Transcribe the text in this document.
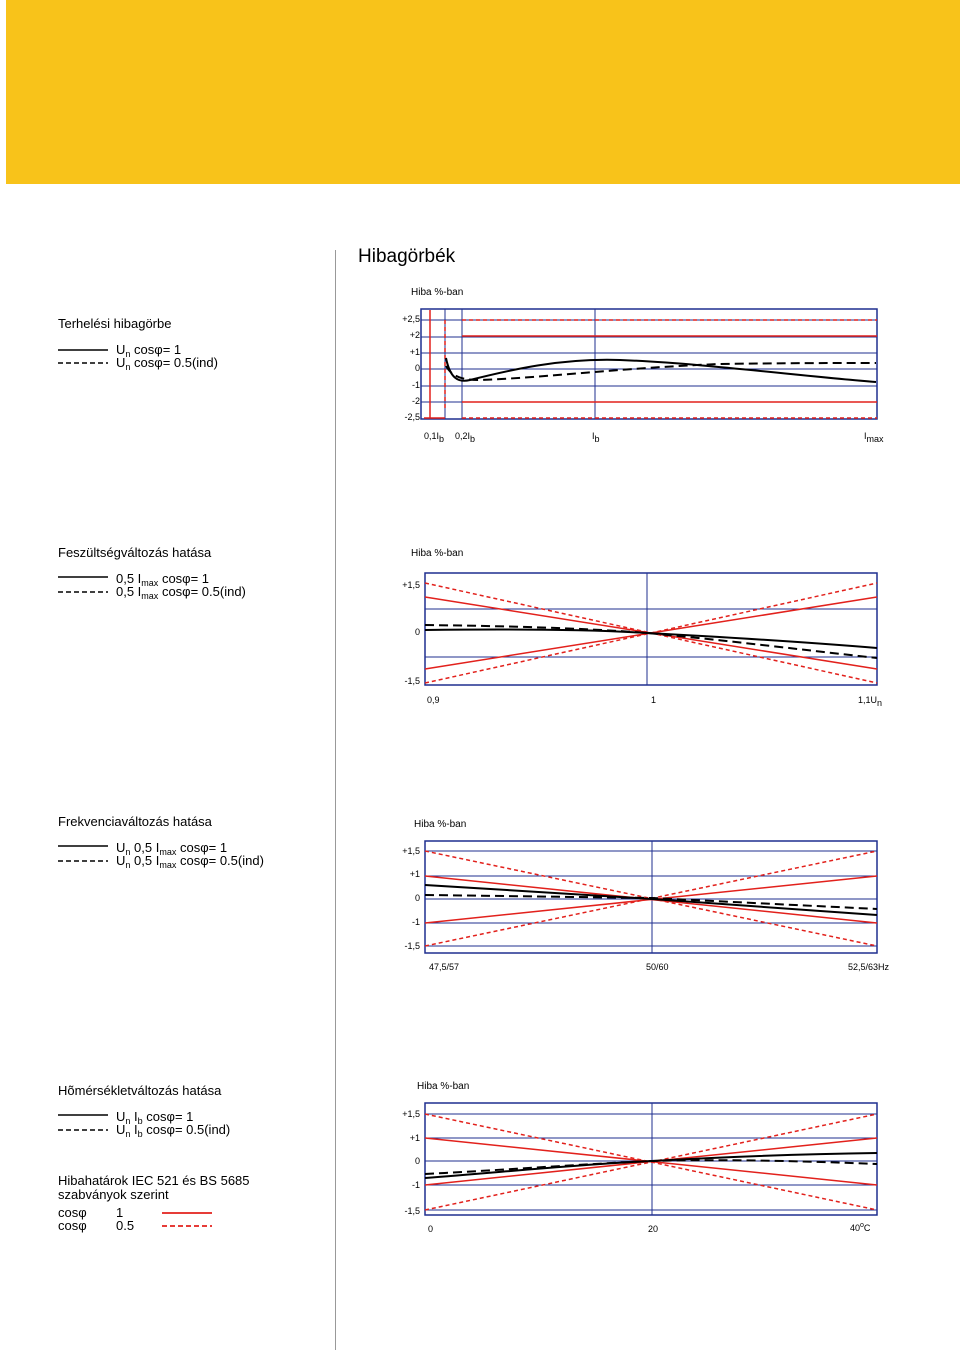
Hibagörbék
Terhelési hibagörbe
$U_n$ cosφ= 1
$U_n$ cosφ= 0.5(ind)
Hiba %-ban
+2,5
+2
+1
0
-1
-2
-2,5
$0,1I_b$ $0,2I_b$	$I_b$	$I_{max}$
Feszültségváltozás hatása
0,5 $I_{max}$ cosφ= 1
0,5 $I_{max}$ cosφ= 0.5(ind)
Hiba %-ban
+1,5
0
-1,5
0,9	1	$1,1U_n$
Frekvenciaváltozás hatása
$U_n$ 0,5 $I_{max}$ cosφ= 1
$U_n$ 0,5 $I_{max}$ cosφ= 0.5(ind)
Hiba %-ban
+1,5
+1
0
-1
-1,5
47,5/57	50/60	52,5/63Hz
Hõmérsékletváltozás hatása
$U_n$ $I_b$ cosφ= 1
$U_n$ $I_b$ cosφ= 0.5(ind)
Hiba %-ban
+1,5
+1
0
-1
-1,5
0	20	40$^o$C
Hibahatárok IEC 521 és BS 5685
szabványok szerint
cosφ 1
cosφ 0.5
